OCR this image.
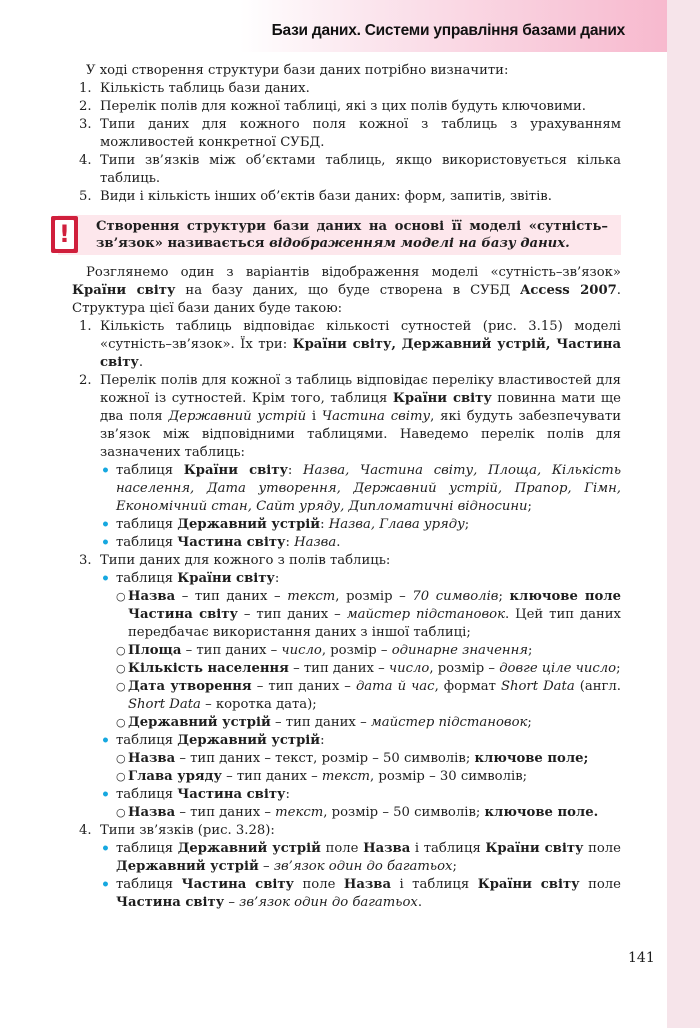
Бази даних. Системи управління базами даних
У ході створення структури бази даних потрібно визначити:
1. Кількість таблиць бази даних.
2. Перелік полів для кожної таблиці, які з цих полів будуть ключовими.
3. Типи даних для кожного поля кожної з таблиць з урахуванням можливостей конкретної СУБД.
4. Типи зв’язків між об’єктами таблиць, якщо використовується кілька таблиць.
5. Види і кількість інших об’єктів бази даних: форм, запитів, звітів.
!	Створення структури бази даних на основі її моделі «сутність–зв’язок» називається відображенням моделі на базу даних.
Розглянемо один з варіантів відображення моделі «сутність–зв’язок» Країни світу на базу даних, що буде створена в СУБД Access 2007. Структура цієї бази даних буде такою:
1. Кількість таблиць відповідає кількості сутностей (рис. 3.15) моделі «сутність–зв’язок». Їх три: Країни світу, Державний устрій, Частина світу.
2. Перелік полів для кожної з таблиць відповідає переліку властивостей для кожної із сутностей. Крім того, таблиця Країни світу повинна мати ще два поля Державний устрій і Частина світу, які будуть забезпечувати зв’язок між відповідними таблицями. Наведемо перелік полів для зазначених таблиць:
• таблиця Країни світу: Назва, Частина світу, Площа, Кількість населення, Дата утворення, Державний устрій, Прапор, Гімн, Економічний стан, Сайт уряду, Дипломатичні відносини;
• таблиця Державний устрій: Назва, Глава уряду;
• таблиця Частина світу: Назва.
3. Типи даних для кожного з полів таблиць:
• таблиця Країни світу:
○ Назва – тип даних – текст, розмір – 70 символів; ключове поле Частина світу – тип даних – майстер підстановок. Цей тип даних передбачає використання даних з іншої таблиці;
○ Площа – тип даних – число, розмір – одинарне значення;
○ Кількість населення – тип даних – число, розмір – довге ціле число;
○ Дата утворення – тип даних – дата й час, формат Short Data (англ. Short Data – коротка дата);
○ Державний устрій – тип даних – майстер підстановок;
• таблиця Державний устрій:
○ Назва – тип даних – текст, розмір – 50 символів; ключове поле;
○ Глава уряду – тип даних – текст, розмір – 30 символів;
• таблиця Частина світу:
○ Назва – тип даних – текст, розмір – 50 символів; ключове поле.
4. Типи зв’язків (рис. 3.28):
• таблиця Державний устрій поле Назва і таблиця Країни світу поле Державний устрій – зв’язок один до багатьох;
• таблиця Частина світу поле Назва і таблиця Країни світу поле Частина світу – зв’язок один до багатьох.
141
